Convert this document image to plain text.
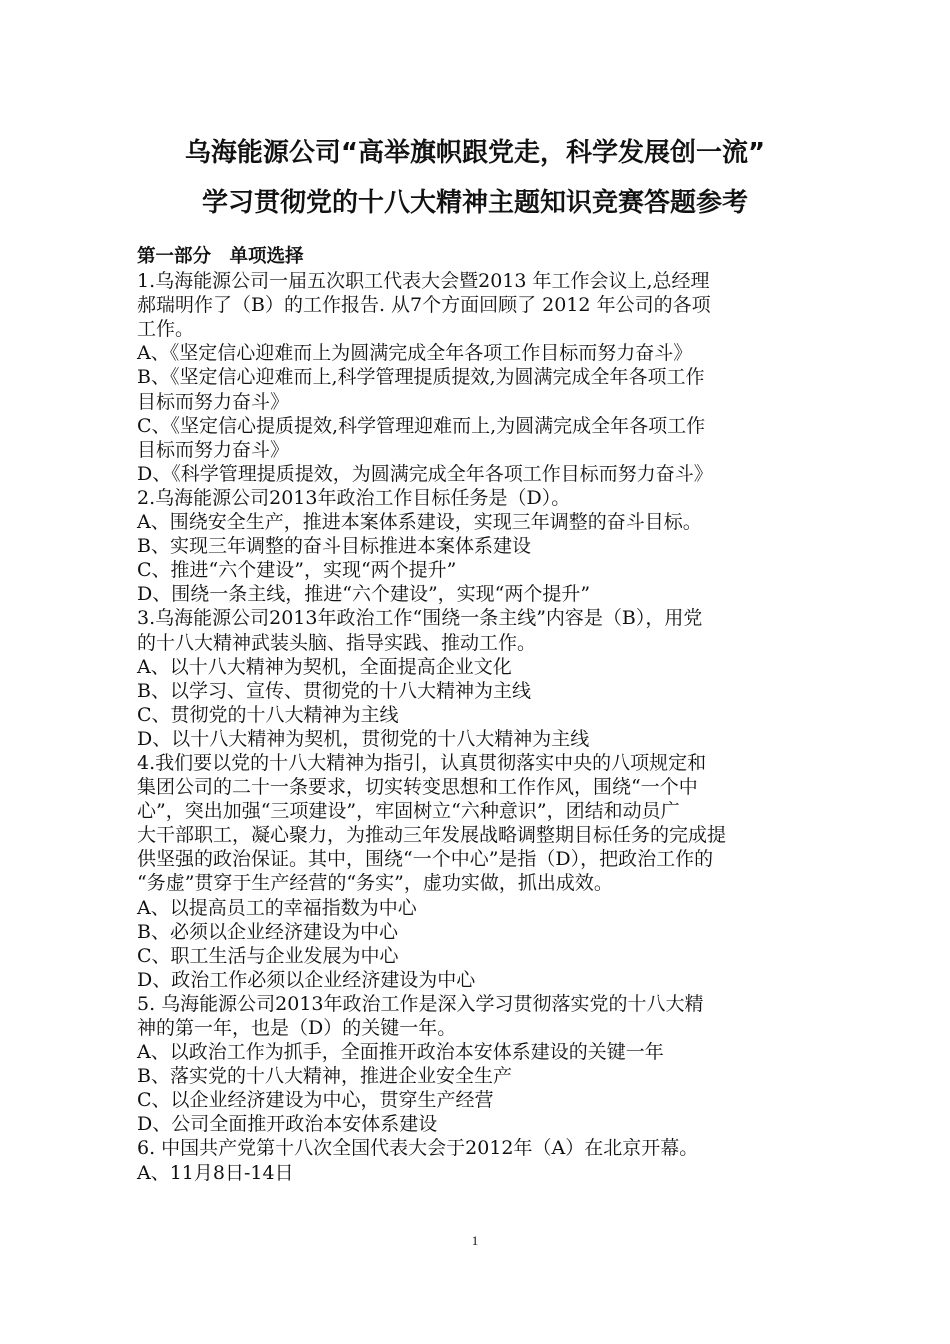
乌海能源公司“高举旗帜跟党走，科学发展创一流”
学习贯彻党的十八大精神主题知识竞赛答题参考
第一部分　单项选择
1.乌海能源公司一届五次职工代表大会暨2013 年工作会议上,总经理
郝瑞明作了（B）的工作报告. 从7个方面回顾了 2012 年公司的各项
工作。
A、《坚定信心迎难而上为圆满完成全年各项工作目标而努力奋斗》
B、《坚定信心迎难而上,科学管理提质提效,为圆满完成全年各项工作
目标而努力奋斗》
C、《坚定信心提质提效,科学管理迎难而上,为圆满完成全年各项工作
目标而努力奋斗》
D、《科学管理提质提效，为圆满完成全年各项工作目标而努力奋斗》
2.乌海能源公司2013年政治工作目标任务是（D）。
A、围绕安全生产，推进本案体系建设，实现三年调整的奋斗目标。
B、实现三年调整的奋斗目标推进本案体系建设
C、推进“六个建设”，实现“两个提升”
D、围绕一条主线，推进“六个建设”，实现“两个提升”
3.乌海能源公司2013年政治工作“围绕一条主线”内容是（B），用党
的十八大精神武装头脑、指导实践、推动工作。
A、以十八大精神为契机，全面提高企业文化
B、以学习、宣传、贯彻党的十八大精神为主线
C、贯彻党的十八大精神为主线
D、以十八大精神为契机，贯彻党的十八大精神为主线
4.我们要以党的十八大精神为指引，认真贯彻落实中央的八项规定和
集团公司的二十一条要求，切实转变思想和工作作风，围绕“一个中
心”，突出加强“三项建设”，牢固树立“六种意识”，团结和动员广
大干部职工，凝心聚力，为推动三年发展战略调整期目标任务的完成提
供坚强的政治保证。其中，围绕“一个中心”是指（D），把政治工作的
“务虚”贯穿于生产经营的“务实”，虚功实做，抓出成效。
A、以提高员工的幸福指数为中心
B、必须以企业经济建设为中心
C、职工生活与企业发展为中心
D、政治工作必须以企业经济建设为中心
5. 乌海能源公司2013年政治工作是深入学习贯彻落实党的十八大精
神的第一年，也是（D）的关键一年。
A、以政治工作为抓手，全面推开政治本安体系建设的关键一年
B、落实党的十八大精神，推进企业安全生产
C、以企业经济建设为中心，贯穿生产经营
D、公司全面推开政治本安体系建设
6. 中国共产党第十八次全国代表大会于2012年（A）在北京开幕。
A、11月8日-14日
1
